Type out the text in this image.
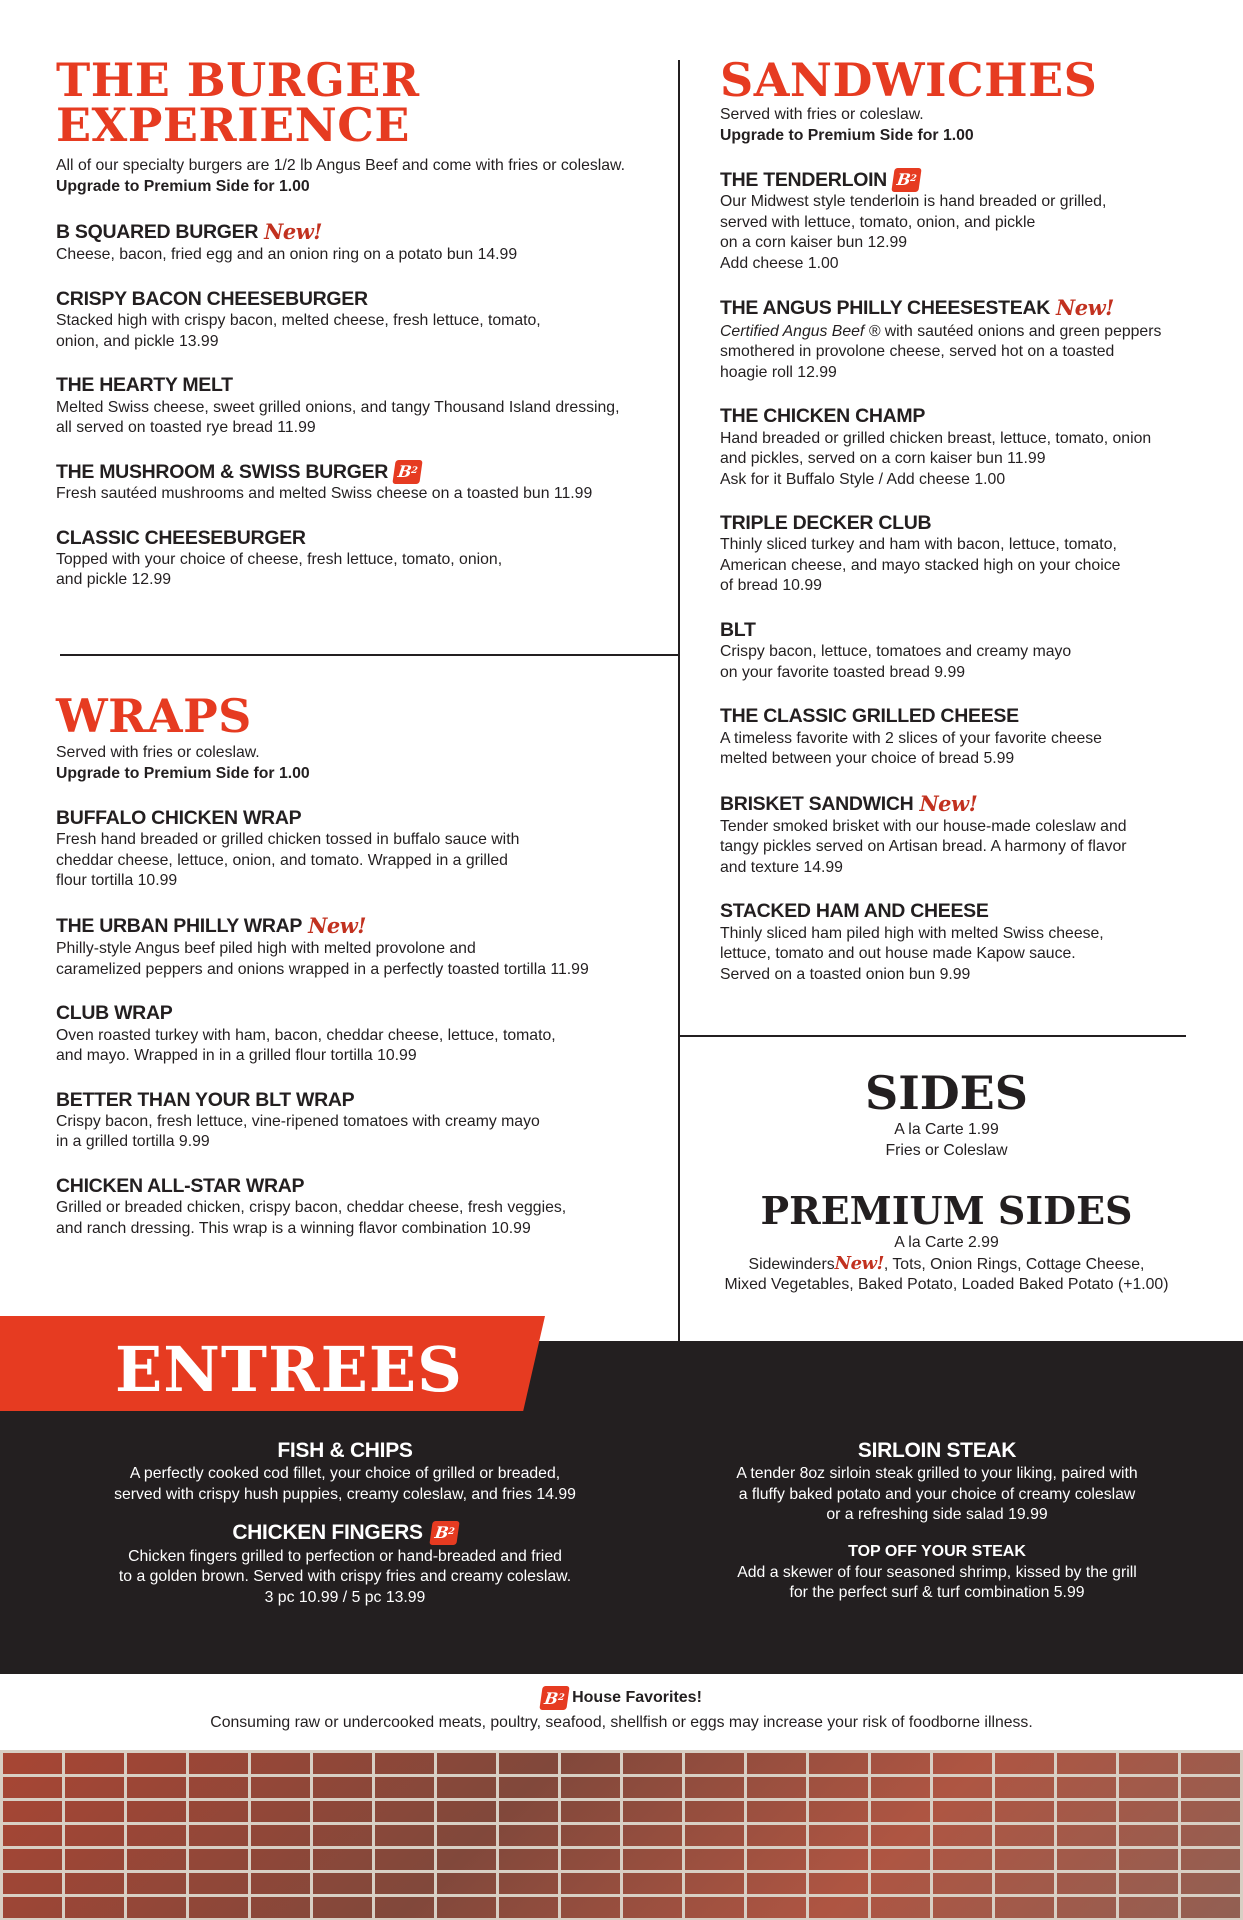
THE BURGER
EXPERIENCE
All of our specialty burgers are 1/2 lb Angus Beef and come with fries or coleslaw.
Upgrade to Premium Side for 1.00
B SQUARED BURGER New!
Cheese, bacon, fried egg and an onion ring on a potato bun 14.99
CRISPY BACON CHEESEBURGER
Stacked high with crispy bacon, melted cheese, fresh lettuce, tomato,
onion, and pickle 13.99
THE HEARTY MELT
Melted Swiss cheese, sweet grilled onions, and tangy Thousand Island dressing,
all served on toasted rye bread 11.99
THE MUSHROOM & SWISS BURGER B
2
Fresh sautéed mushrooms and melted Swiss cheese on a toasted bun 11.99
CLASSIC CHEESEBURGER
Topped with your choice of cheese, fresh lettuce, tomato, onion,
and pickle 12.99
WRAPS
Served with fries or coleslaw.
Upgrade to Premium Side for 1.00
BUFFALO CHICKEN WRAP
Fresh hand breaded or grilled chicken tossed in buffalo sauce with
cheddar cheese, lettuce, onion, and tomato. Wrapped in a grilled
flour tortilla 10.99
THE URBAN PHILLY WRAP New!
Philly-style Angus beef piled high with melted provolone and
caramelized peppers and onions wrapped in a perfectly toasted tortilla 11.99
CLUB WRAP
Oven roasted turkey with ham, bacon, cheddar cheese, lettuce, tomato,
and mayo. Wrapped in in a grilled flour tortilla 10.99
BETTER THAN YOUR BLT WRAP
Crispy bacon, fresh lettuce, vine-ripened tomatoes with creamy mayo
in a grilled tortilla 9.99
CHICKEN ALL-STAR WRAP
Grilled or breaded chicken, crispy bacon, cheddar cheese, fresh veggies,
and ranch dressing. This wrap is a winning flavor combination 10.99
SANDWICHES
Served with fries or coleslaw.
Upgrade to Premium Side for 1.00
THE TENDERLOIN B
2
Our Midwest style tenderloin is hand breaded or grilled,
served with lettuce, tomato, onion, and pickle
on a corn kaiser bun 12.99
Add cheese 1.00
THE ANGUS PHILLY CHEESESTEAK New!
Certified Angus Beef ® with sautéed onions and green peppers
smothered in provolone cheese, served hot on a toasted
hoagie roll 12.99
THE CHICKEN CHAMP
Hand breaded or grilled chicken breast, lettuce, tomato, onion
and pickles, served on a corn kaiser bun 11.99
Ask for it Buffalo Style / Add cheese 1.00
TRIPLE DECKER CLUB
Thinly sliced turkey and ham with bacon, lettuce, tomato,
American cheese, and mayo stacked high on your choice
of bread 10.99
BLT
Crispy bacon, lettuce, tomatoes and creamy mayo
on your favorite toasted bread 9.99
THE CLASSIC GRILLED CHEESE
A timeless favorite with 2 slices of your favorite cheese
melted between your choice of bread 5.99
BRISKET SANDWICH New!
Tender smoked brisket with our house-made coleslaw and
tangy pickles served on Artisan bread. A harmony of flavor
and texture 14.99
STACKED HAM AND CHEESE
Thinly sliced ham piled high with melted Swiss cheese,
lettuce, tomato and out house made Kapow sauce.
Served on a toasted onion bun 9.99
SIDES
A la Carte 1.99
Fries or Coleslaw
PREMIUM SIDES
A la Carte 2.99
SidewindersNew!, Tots, Onion Rings, Cottage Cheese,
Mixed Vegetables, Baked Potato, Loaded Baked Potato (+1.00)
ENTREES
FISH & CHIPS
A perfectly cooked cod fillet, your choice of grilled or breaded,
served with crispy hush puppies, creamy coleslaw, and fries 14.99
CHICKEN FINGERS B
2
Chicken fingers grilled to perfection or hand-breaded and fried
to a golden brown. Served with crispy fries and creamy coleslaw.
3 pc 10.99 / 5 pc 13.99
SIRLOIN STEAK
A tender 8oz sirloin steak grilled to your liking, paired with
a fluffy baked potato and your choice of creamy coleslaw
or a refreshing side salad 19.99
TOP OFF YOUR STEAK
Add a skewer of four seasoned shrimp, kissed by the grill
for the perfect surf & turf combination 5.99
B
2 House Favorites!
Consuming raw or undercooked meats, poultry, seafood, shellfish or eggs may increase your risk of foodborne illness.
